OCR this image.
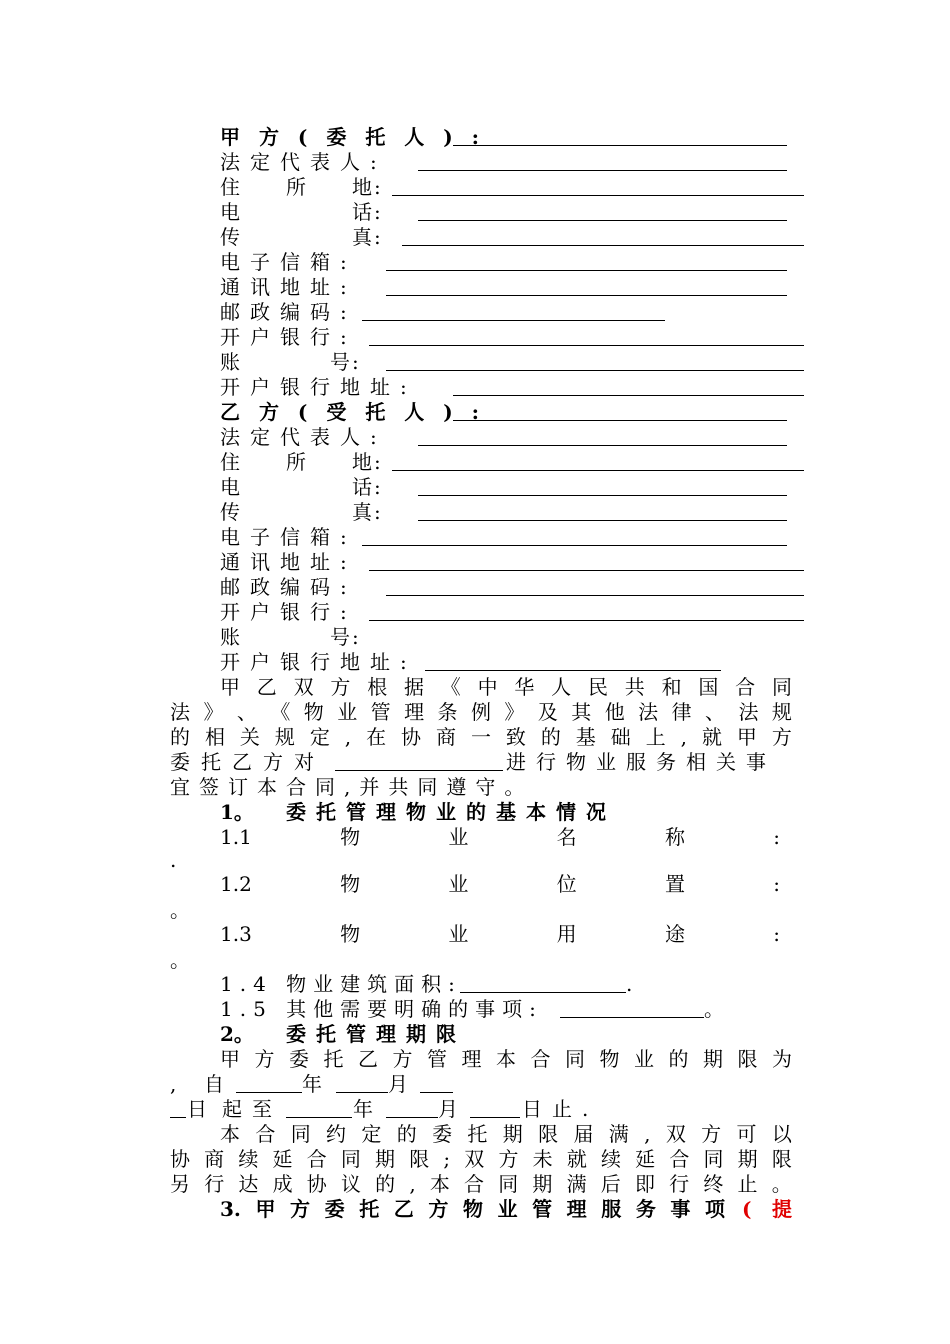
甲 方 ( 委 托 人 ) :
法定代表人:
住　　所　　地:
电　　　　　话:
传　　　　　真:
电子信箱:
通讯地址:
邮政编码:
开户银行:
账　　　　号:
开户银行地址:
乙 方 ( 受 托 人 ) :
法定代表人:
住　　所　　地:
电　　　　　话:
传　　　　　真:
电子信箱:
通讯地址:
邮政编码:
开户银行:
账　　　　号:
开户银行地址:
甲 乙 双 方 根 据 《 中 华 人 民 共 和 国 合 同
法 》 、 《 物 业 管 理 条 例 》 及 其 他 法 律 、 法 规
的 相 关 规 定 , 在 协 商 一 致 的 基 础 上 , 就 甲 方
委托乙方对	进行物业服务相关事
宜签订本合同,并共同遵守。
1。 委托管理物业的基本情况
1.1	物	业	名	称	:
.
1.2	物	业	位	置	:
。
1.3	物	业	用	途	:
。
1.4 物业建筑面积:	.
1.5 其他需要明确的事项:	。
2。 委托管理期限
甲 方 委 托 乙 方 管 理 本 合 同 物 业 的 期 限 为
, 自	年	月
日 起至	年	月	日止.
本 合 同 约 定 的 委 托 期 限 届 满 , 双 方 可 以
协 商 续 延 合 同 期 限 ; 双 方 未 就 续 延 合 同 期 限
另 行 达 成 协 议 的 , 本 合 同 期 满 后 即 行 终 止 。
3. 甲 方 委 托 乙 方 物 业 管 理 服 务 事 项 ( 提
